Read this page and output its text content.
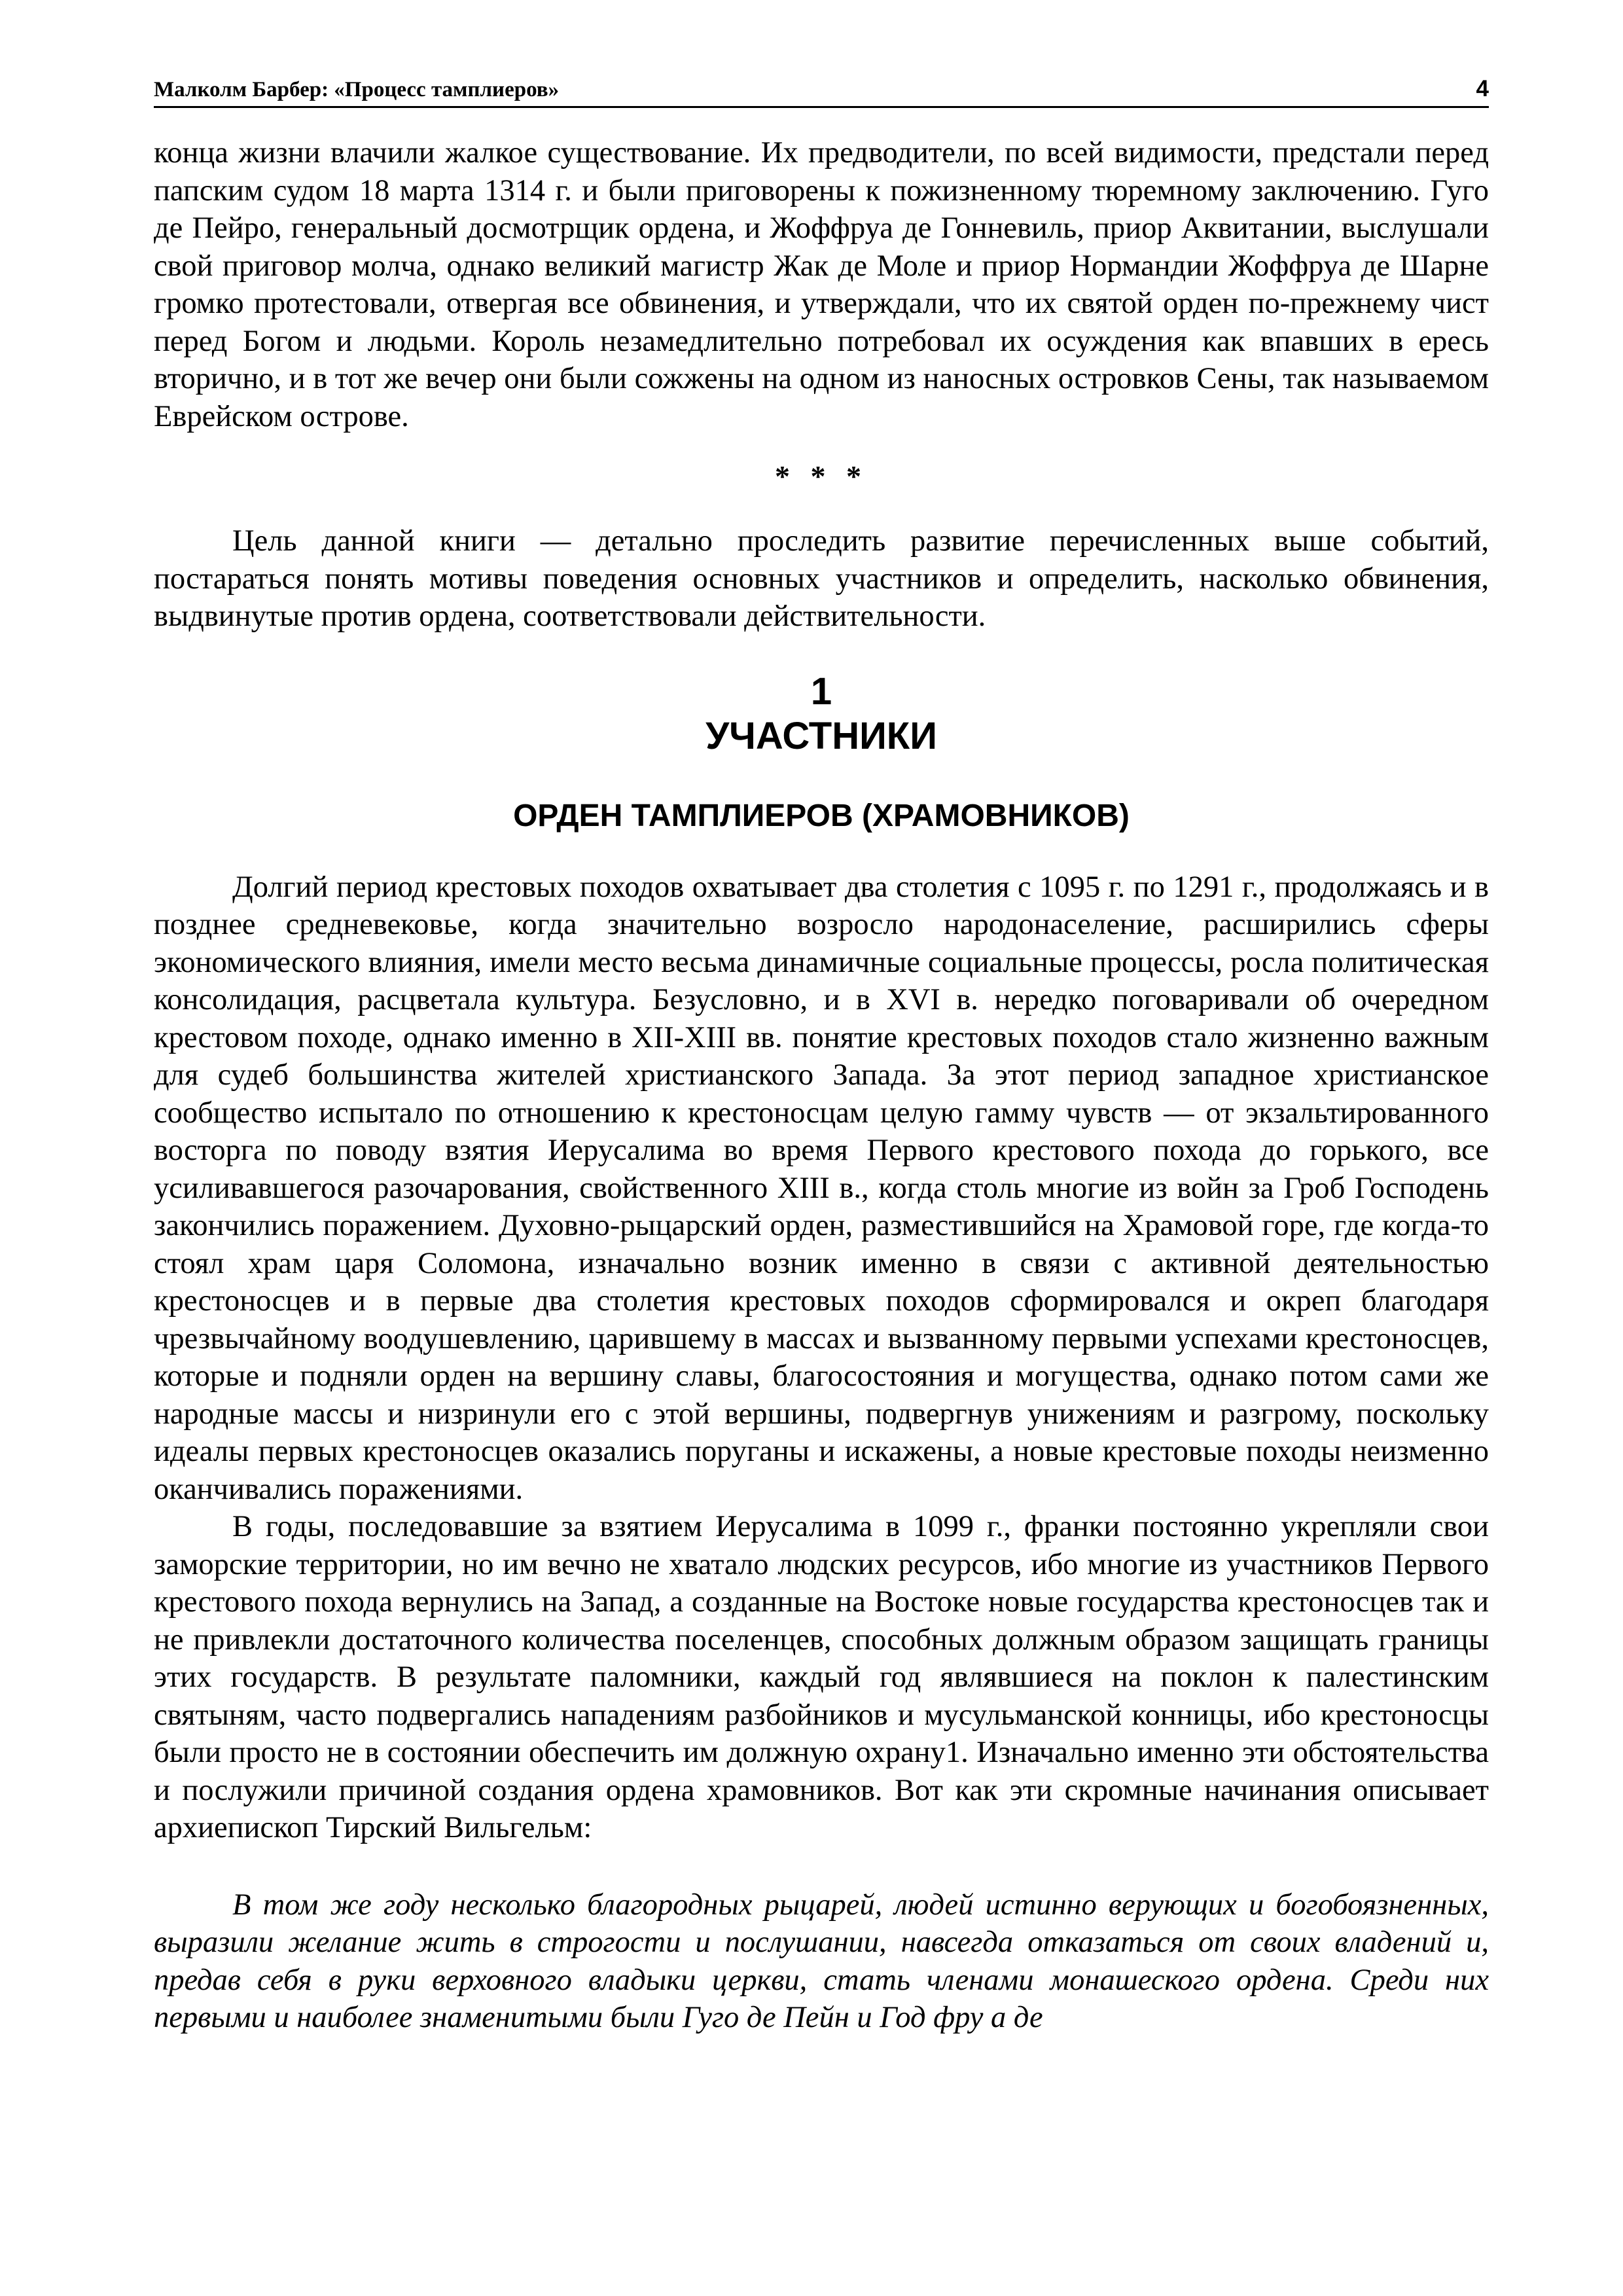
Малколм Барбер: «Процесс тамплиеров»	4

конца жизни влачили жалкое существование. Их предводители, по всей видимости, предстали перед папским судом 18 марта 1314 г. и были приговорены к пожизненному тюремному заключению. Гуго де Пейро, генеральный досмотрщик ордена, и Жоффруа де Гонневиль, приор Аквитании, выслушали свой приговор молча, однако великий магистр Жак де Моле и приор Нормандии Жоффруа де Шарне громко протестовали, отвергая все обвинения, и утверждали, что их святой орден по-прежнему чист перед Богом и людьми. Король незамедлительно потребовал их осуждения как впавших в ересь вторично, и в тот же вечер они были сожжены на одном из наносных островков Сены, так называемом Еврейском острове.

* * *

Цель данной книги — детально проследить развитие перечисленных выше событий, постараться понять мотивы поведения основных участников и определить, насколько обвинения, выдвинутые против ордена, соответствовали действительности.

1
УЧАСТНИКИ
ОРДЕН ТАМПЛИЕРОВ (ХРАМОВНИКОВ)

Долгий период крестовых походов охватывает два столетия с 1095 г. по 1291 г., продолжаясь и в позднее средневековье, когда значительно возросло народонаселение, расширились сферы экономического влияния, имели место весьма динамичные социальные процессы, росла политическая консолидация, расцветала культура. Безусловно, и в XVI в. нередко поговаривали об очередном крестовом походе, однако именно в XII-XIII вв. понятие крестовых походов стало жизненно важным для судеб большинства жителей христианского Запада. За этот период западное христианское сообщество испытало по отношению к крестоносцам целую гамму чувств — от экзальтированного восторга по поводу взятия Иерусалима во время Первого крестового похода до горького, все усиливавшегося разочарования, свойственного XIII в., когда столь многие из войн за Гроб Господень закончились поражением. Духовно-рыцарский орден, разместившийся на Храмовой горе, где когда-то стоял храм царя Соломона, изначально возник именно в связи с активной деятельностью крестоносцев и в первые два столетия крестовых походов сформировался и окреп благодаря чрезвычайному воодушевлению, царившему в массах и вызванному первыми успехами крестоносцев, которые и подняли орден на вершину славы, благосостояния и могущества, однако потом сами же народные массы и низринули его с этой вершины, подвергнув унижениям и разгрому, поскольку идеалы первых крестоносцев оказались поруганы и искажены, а новые крестовые походы неизменно оканчивались поражениями.

В годы, последовавшие за взятием Иерусалима в 1099 г., франки постоянно укрепляли свои заморские территории, но им вечно не хватало людских ресурсов, ибо многие из участников Первого крестового похода вернулись на Запад, а созданные на Востоке новые государства крестоносцев так и не привлекли достаточного количества поселенцев, способных должным образом защищать границы этих государств. В результате паломники, каждый год являвшиеся на поклон к палестинским святыням, часто подвергались нападениям разбойников и мусульманской конницы, ибо крестоносцы были просто не в состоянии обеспечить им должную охрану1. Изначально именно эти обстоятельства и послужили причиной создания ордена храмовников. Вот как эти скромные начинания описывает архиепископ Тирский Вильгельм:

В том же году несколько благородных рыцарей, людей истинно верующих и богобоязненных, выразили желание жить в строгости и послушании, навсегда отказаться от своих владений и, предав себя в руки верховного владыки церкви, стать членами монашеского ордена. Среди них первыми и наиболее знаменитыми были Гуго де Пейн и Год фру а де
